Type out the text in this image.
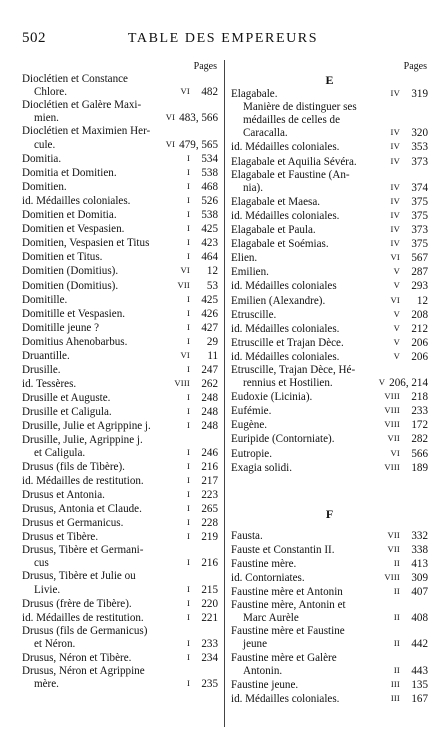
502	TABLE DES EMPEREURS
Pages
Dioclétien et Constance
Chlore.	VI	482
Dioclétien et Galère Maxi-
mien.	VI 483, 566
Dioclétien et Maximien Her-
cule.	VI 479, 565
Domitia.	I	534
Domitia et Domitien.	I	538
Domitien.	I	468
id. Médailles coloniales.	I	526
Domitien et Domitia.	I	538
Domitien et Vespasien.	I	425
Domitien, Vespasien et Titus	I	423
Domitien et Titus.	I	464
Domitien (Domitius).	VI	12
Domitien (Domitius).	VII	53
Domitille.	I	425
Domitille et Vespasien.	I	426
Domitille jeune ?	I	427
Domitius Ahenobarbus.	I	29
Druantille.	VI	11
Drusille.	I	247
id. Tessères.	VIII	262
Drusille et Auguste.	I	248
Drusille et Caligula.	I	248
Drusille, Julie et Agrippine j.	I	248
Drusille, Julie, Agrippine j.
et Caligula.	I	246
Drusus (fils de Tibère).	I	216
id. Médailles de restitution.	I	217
Drusus et Antonia.	I	223
Drusus, Antonia et Claude.	I	265
Drusus et Germanicus.	I	228
Drusus et Tibère.	I	219
Drusus, Tibère et Germani-
cus	I	216
Drusus, Tibère et Julie ou
Livie.	I	215
Drusus (frère de Tibère).	I	220
id. Médailles de restitution.	I	221
Drusus (fils de Germanicus)
et Néron.	I	233
Drusus, Néron et Tibère.	I	234
Drusus, Néron et Agrippine
mère.	I	235
Pages
E
Elagabale.	IV	319
Manière de distinguer ses
médailles de celles de
Caracalla.	IV	320
id. Médailles coloniales.	IV	353
Elagabale et Aquilia Sévéra.	IV	373
Elagabale et Faustine (An-
nia).	IV	374
Elagabale et Maesa.	IV	375
id. Médailles coloniales.	IV	375
Elagabale et Paula.	IV	373
Elagabale et Soémias.	IV	375
Elien.	VI	567
Emilien.	V	287
id. Médailles coloniales	V	293
Emilien (Alexandre).	VI	12
Etruscille.	V	208
id. Médailles coloniales.	V	212
Etruscille et Trajan Dèce.	V	206
id. Médailles coloniales.	V	206
Etruscille, Trajan Dèce, Hé-
rennius et Hostilien.	V 206, 214
Eudoxie (Licinia).	VIII	218
Eufémie.	VIII	233
Eugène.	VIII	172
Euripide (Contorniate).	VII	282
Eutropie.	VI	566
Exagia solidi.	VIII	189
F
Fausta.	VII	332
Fauste et Constantin II.	VII	338
Faustine mère.	II	413
id. Contorniates.	VIII	309
Faustine mère et Antonin	II	407
Faustine mère, Antonin et
Marc Aurèle	II	408
Faustine mère et Faustine
jeune	II	442
Faustine mère et Galère
Antonin.	II	443
Faustine jeune.	III	135
id. Médailles coloniales.	III	167
